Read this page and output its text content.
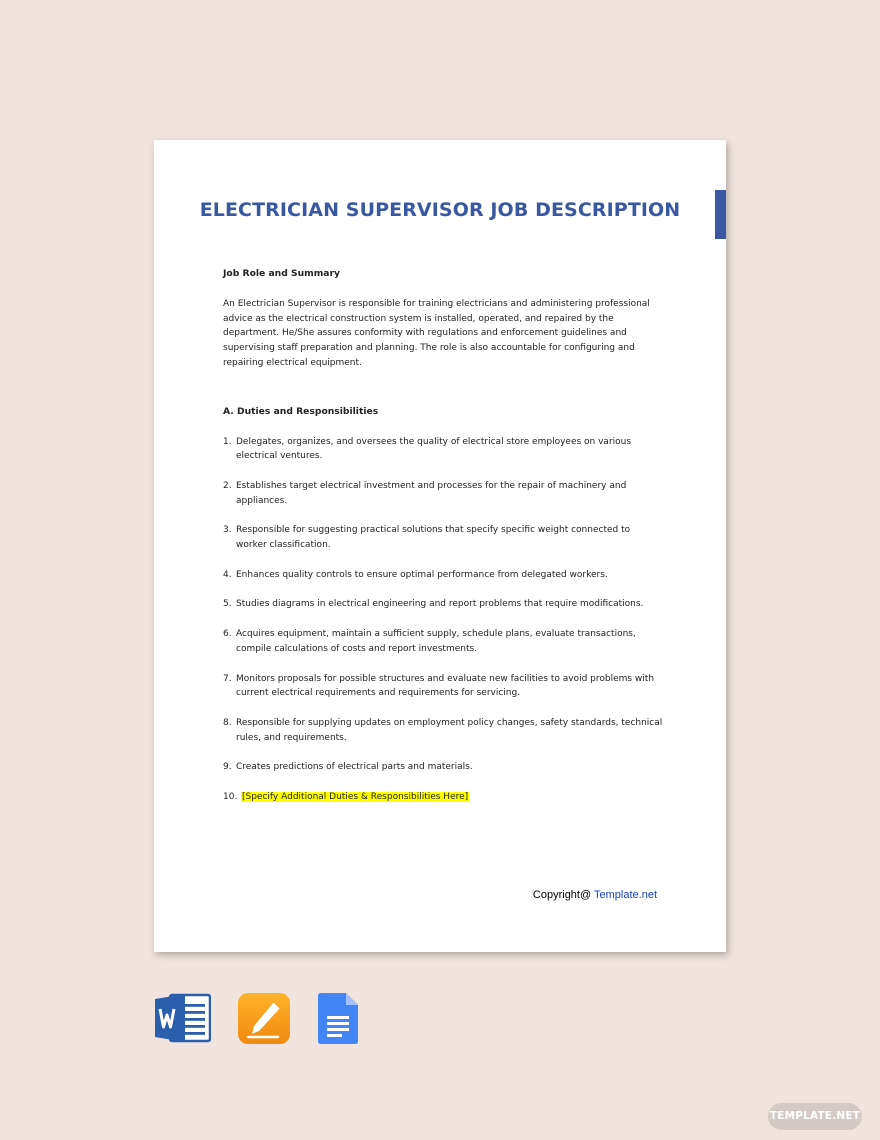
ELECTRICIAN SUPERVISOR JOB DESCRIPTION

Job Role and Summary

An Electrician Supervisor is responsible for training electricians and administering professional advice as the electrical construction system is installed, operated, and repaired by the department. He/She assures conformity with regulations and enforcement guidelines and supervising staff preparation and planning. The role is also accountable for configuring and repairing electrical equipment.

A. Duties and Responsibilities

1. Delegates, organizes, and oversees the quality of electrical store employees on various electrical ventures.
2. Establishes target electrical investment and processes for the repair of machinery and appliances.
3. Responsible for suggesting practical solutions that specify specific weight connected to worker classification.
4. Enhances quality controls to ensure optimal performance from delegated workers.
5. Studies diagrams in electrical engineering and report problems that require modifications.
6. Acquires equipment, maintain a sufficient supply, schedule plans, evaluate transactions, compile calculations of costs and report investments.
7. Monitors proposals for possible structures and evaluate new facilities to avoid problems with current electrical requirements and requirements for servicing.
8. Responsible for supplying updates on employment policy changes, safety standards, technical rules, and requirements.
9. Creates predictions of electrical parts and materials.
10. [Specify Additional Duties & Responsibilities Here]
Copyright@ Template.net
TEMPLATE.NET
